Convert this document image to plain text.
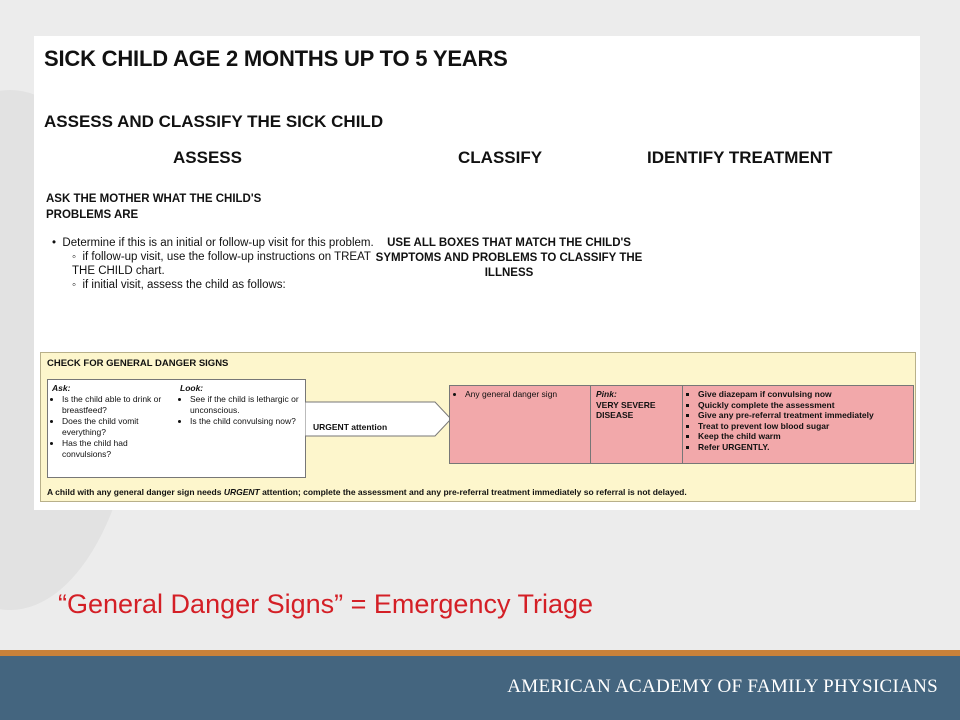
SICK CHILD AGE 2 MONTHS UP TO 5 YEARS
ASSESS AND CLASSIFY THE SICK CHILD
ASSESS	CLASSIFY	IDENTIFY TREATMENT
ASK THE MOTHER WHAT THE CHILD'S PROBLEMS ARE

•  Determine if this is an initial or follow-up visit for this problem.

◦  if follow-up visit, use the follow-up instructions on TREAT THE CHILD chart.

◦  if initial visit, assess the child as follows:

USE ALL BOXES THAT MATCH THE CHILD'S SYMPTOMS AND PROBLEMS TO CLASSIFY THE ILLNESS
CHECK FOR GENERAL DANGER SIGNS
Ask:
• Is the child able to drink or breastfeed?
• Does the child vomit everything?
• Has the child had convulsions?
Look:
• See if the child is lethargic or unconscious.
• Is the child convulsing now?
URGENT attention
• Any general danger sign	Pink:
VERY SEVERE DISEASE
▪ Give diazepam if convulsing now
▪ Quickly complete the assessment
▪ Give any pre-referral treatment immediately
▪ Treat to prevent low blood sugar
▪ Keep the child warm
▪ Refer URGENTLY.
A child with any general danger sign needs URGENT attention; complete the assessment and any pre-referral treatment immediately so referral is not delayed.
“General Danger Signs” = Emergency Triage
AMERICAN ACADEMY OF FAMILY PHYSICIANS
